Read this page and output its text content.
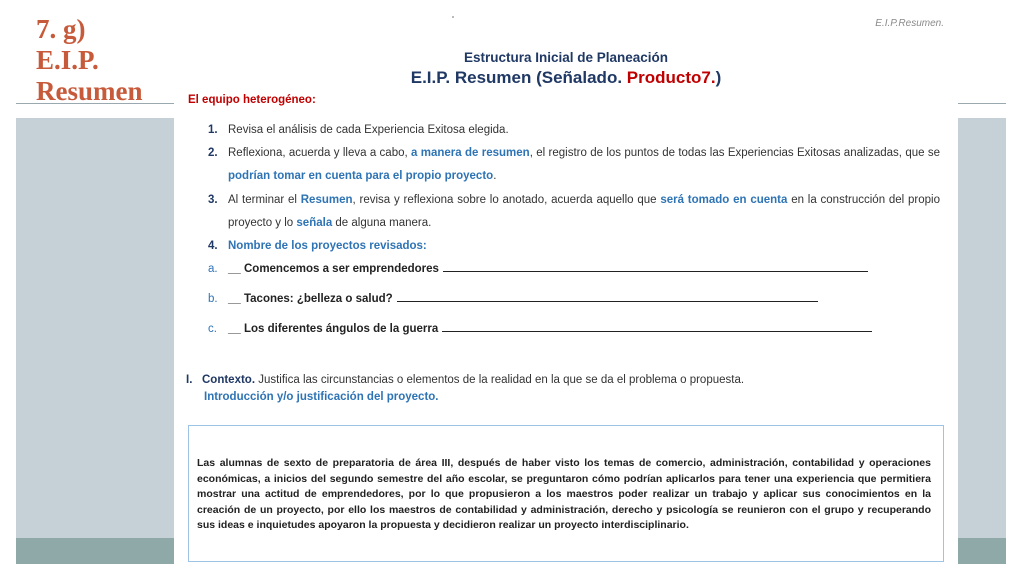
7. g)
E.I.P.
Resumen
E.I.P.Resumen.
Estructura Inicial de Planeación
E.I.P. Resumen (Señalado. Producto7.)
El equipo heterogéneo:
1. Revisa el análisis de cada Experiencia Exitosa elegida.
2. Reflexiona, acuerda y lleva a cabo, a manera de resumen, el registro de los puntos de todas las Experiencias Exitosas analizadas, que se podrían tomar en cuenta para el propio proyecto.
3. Al terminar el Resumen, revisa y reflexiona sobre lo anotado, acuerda aquello que será tomado en cuenta en la construcción del propio proyecto y lo señala de alguna manera.
4. Nombre de los proyectos revisados:
a. __ Comencemos a ser emprendedores
b. __ Tacones: ¿belleza o salud?
c. __ Los diferentes ángulos de la guerra
I. Contexto. Justifica las circunstancias o elementos de la realidad en la que se da el problema o propuesta.
Introducción y/o justificación del proyecto.
Las alumnas de sexto de preparatoria de área III, después de haber visto los temas de comercio, administración, contabilidad y operaciones económicas, a inicios del segundo semestre del año escolar, se preguntaron cómo podrían aplicarlos para tener una experiencia que permitiera mostrar una actitud de emprendedores, por lo que propusieron a los maestros poder realizar un trabajo y aplicar sus conocimientos en la creación de un proyecto, por ello los maestros de contabilidad y administración, derecho y psicología se reunieron con el grupo y recuperando sus ideas e inquietudes apoyaron la propuesta y decidieron realizar un proyecto interdisciplinario.
